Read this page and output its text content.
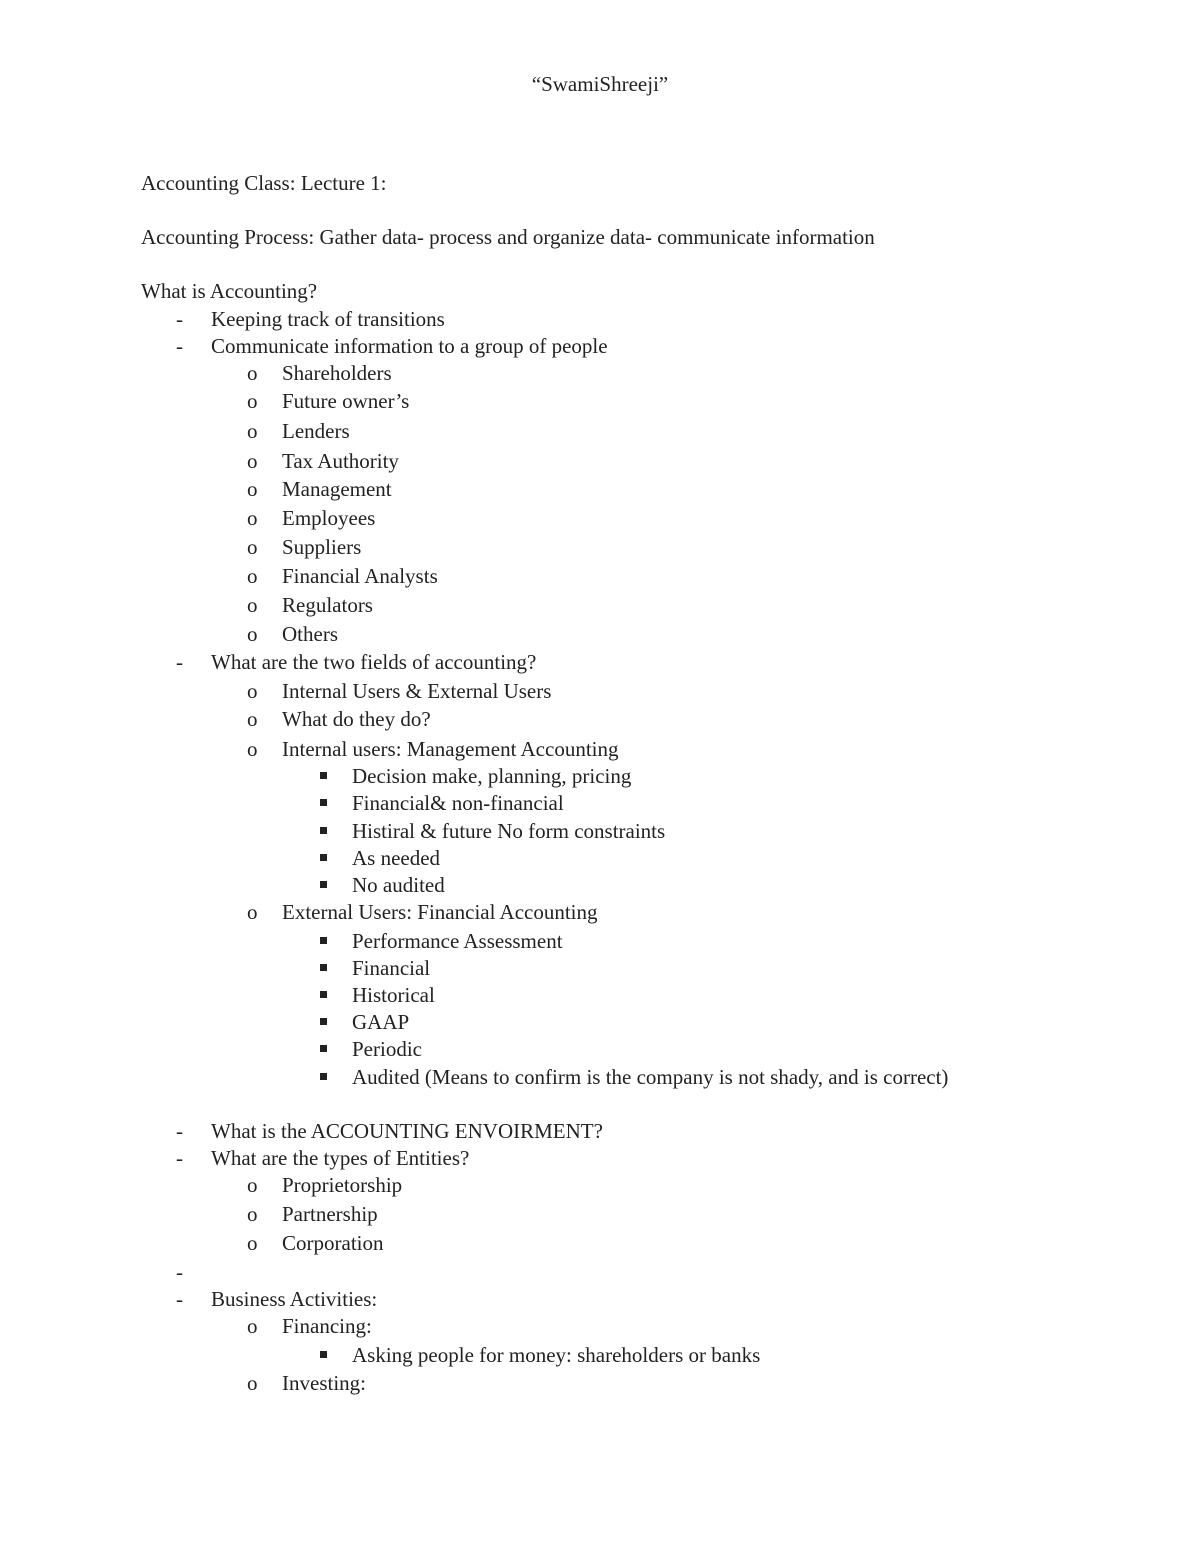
“SwamiShreeji”
Accounting Class: Lecture 1:
Accounting Process: Gather data- process and organize data- communicate information
What is Accounting?
- Keeping track of transitions
- Communicate information to a group of people
o Shareholders
o Future owner’s
o Lenders
o Tax Authority
o Management
o Employees
o Suppliers
o Financial Analysts
o Regulators
o Others
- What are the two fields of accounting?
o Internal Users & External Users
o What do they do?
o Internal users: Management Accounting
Decision make, planning, pricing
Financial& non-financial
Histiral & future No form constraints
As needed
No audited
o External Users: Financial Accounting
Performance Assessment
Financial
Historical
GAAP
Periodic
Audited (Means to confirm is the company is not shady, and is correct)
- What is the ACCOUNTING ENVOIRMENT?
- What are the types of Entities?
o Proprietorship
o Partnership
o Corporation
-
- Business Activities:
o Financing:
Asking people for money: shareholders or banks
o Investing:
